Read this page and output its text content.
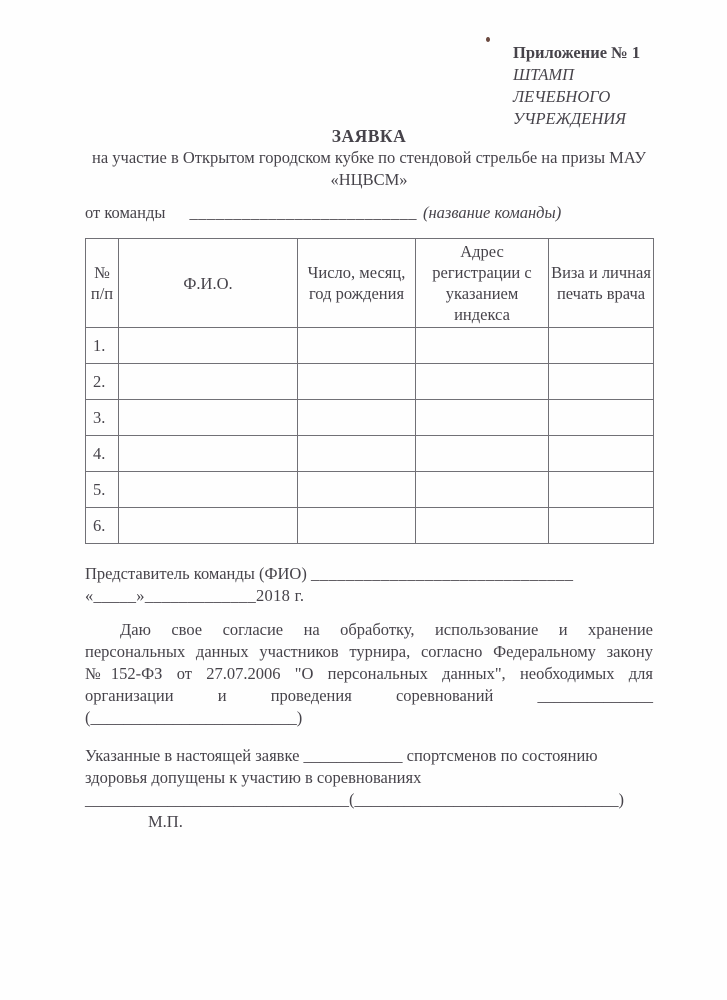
Приложение № 1
ШТАМП
ЛЕЧЕБНОГО
УЧРЕЖДЕНИЯ
ЗАЯВКА
на участие в Открытом городском кубке по стендовой стрельбе на призы МАУ
«НЦВСМ»
от команды __________________________ (название команды)
№ п/п	Ф.И.О.	Число, месяц, год рождения	Адрес регистрации с указанием индекса	Виза и личная печать врача
1.				
2.				
3.				
4.				
5.				
6.				
Представитель команды (ФИО) ______________________________
«_____»_____________2018 г.
Даю свое согласие на обработку, использование и хранение
персональных данных участников турнира, согласно Федеральному закону
№152-ФЗ от 27.07.2006 "О персональных данных", необходимых для
организации и проведения соревнований ______________
(_________________________)
Указанные в настоящей заявке ____________ спортсменов по состоянию
здоровья допущены к участию в соревнованиях
________________________________(________________________________)
М.П.
